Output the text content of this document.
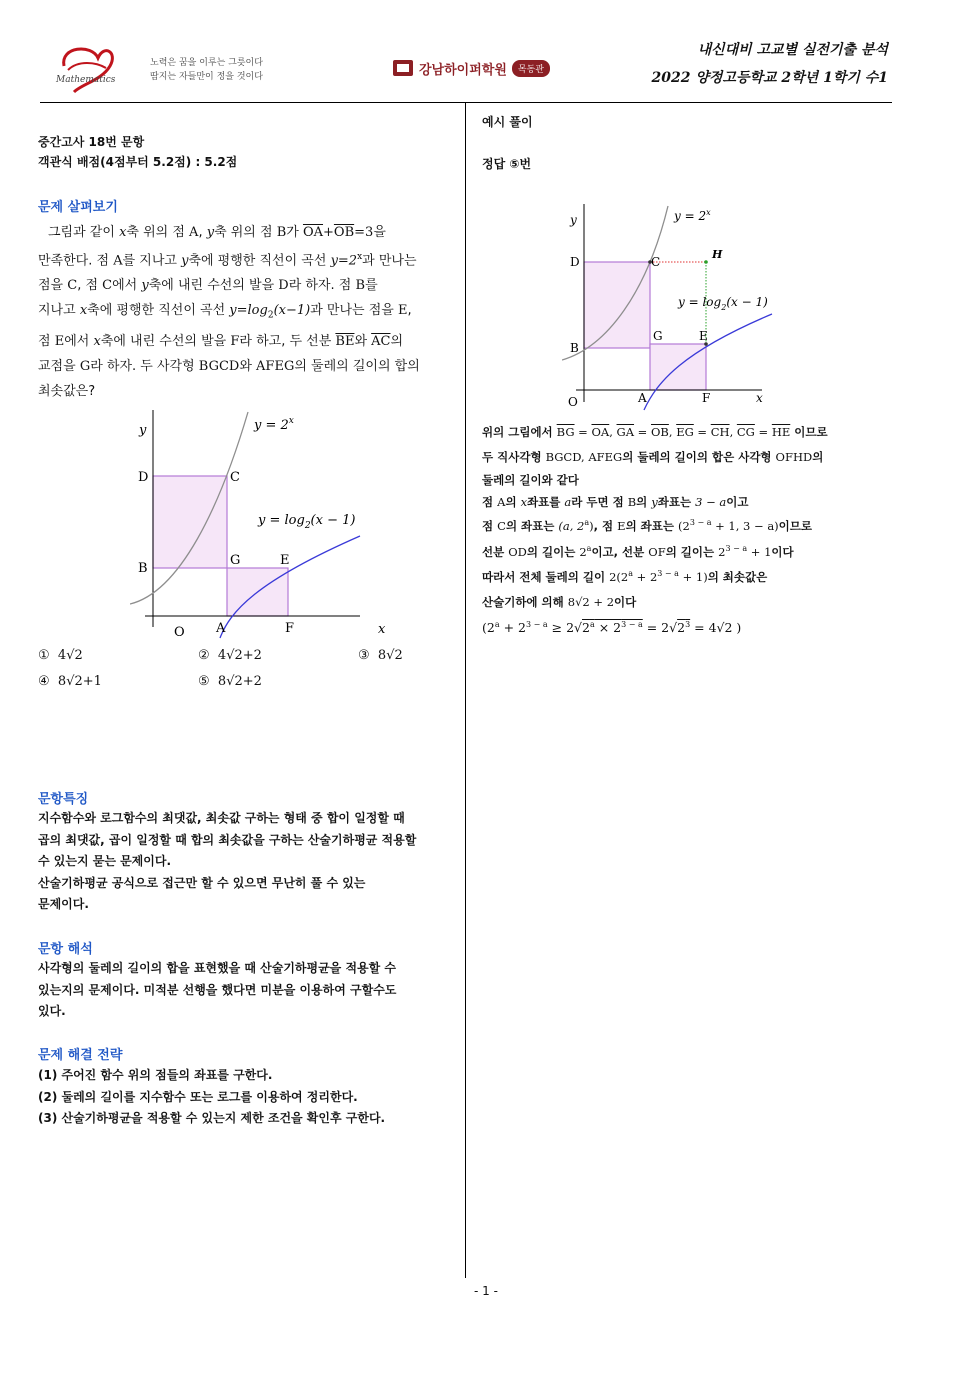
Mathematics
노력은 꿈을 이루는 그릇이다
땀지는 자들만이 정을 것이다	강남하이퍼학원	목동관
내신대비 고교별 실전기출 분석
2022 양정고등학교 2학년 1학기 수1
중간고사 18번 문항
객관식 배점(4점부터 5.2점) : 5.2점
문제 살펴보기
그림과 같이 x축 위의 점 A, y축 위의 점 B가 $\overline{OA}+\overline{OB}=3$을
만족한다. 점 A를 지나고 y축에 평행한 직선이 곡선 $y=2^x$과 만나는
점을 C, 점 C에서 y축에 내린 수선의 발을 D라 하자. 점 B를
지나고 x축에 평행한 직선이 곡선 $y=\log_2(x-1)$과 만나는 점을 E,
점 E에서 x축에 내린 수선의 발을 F라 하고, 두 선분 $\overline{BE}$와 $\overline{AC}$의
교점을 G라 하자. 두 사각형 BGCD와 AFEG의 둘레의 길이의 합의
최솟값은?
y
x
O
$y = 2^x$
$y = \log_2(x - 1)$
D	C
B
G	E
A	F
① 4√2	② 4√2+2	③ 8√2
④ 8√2+1	⑤ 8√2+2
문항특징
지수함수와 로그함수의 최댓값, 최솟값 구하는 형태 중 합이 일정할 때
곱의 최댓값, 곱이 일정할 때 합의 최솟값을 구하는 산술기하평균 적용할
수 있는지 묻는 문제이다.
산술기하평균 공식으로 접근만 할 수 있으면 무난히 풀 수 있는
문제이다.
문항 해석
사각형의 둘레의 길이의 합을 표현했을 때 산술기하평균을 적용할 수
있는지의 문제이다. 미적분 선행을 했다면 미분을 이용하여 구할수도
있다.
문제 해결 전략
(1) 주어진 함수 위의 점들의 좌표를 구한다.
(2) 둘레의 길이를 지수함수 또는 로그를 이용하여 정리한다.
(3) 산술기하평균을 적용할 수 있는지 제한 조건을 확인후 구한다.
예시 풀이
정답 ⑤번
y
x
O
$y = 2^x$
$y = \log_2(x - 1)$
D	C
H
B
G	E
A	F
위의 그림에서 $\overline{BG} = \overline{OA}$, $\overline{GA} = \overline{OB}$, $\overline{EG} = \overline{CH}$, $\overline{CG} = \overline{HE}$ 이므로
두 직사각형 BGCD, AFEG의 둘레의 길이의 합은 사각형 OFHD의
둘레의 길이와 같다
점 A의 x좌표를 a라 두면 점 B의 y좌표는 3 − a이고
점 C의 좌표는 (a, 2$^a$), 점 E의 좌표는 ($2^{3 - a} + 1$, 3 − a)이므로
선분 OD의 길이는 2$^a$이고, 선분 OF의 길이는 $2^{3 - a} + 1$이다
따라서 전체 둘레의 길이 $2(2^a + 2^{3 - a} + 1)$의 최솟값은
산술기하에 의해 8√2 + 2이다
($2^a + 2^{3 - a} \ge 2√2^a \times 2^{3 - a} = 2√2^3 = 4√2$ )
- 1 -
